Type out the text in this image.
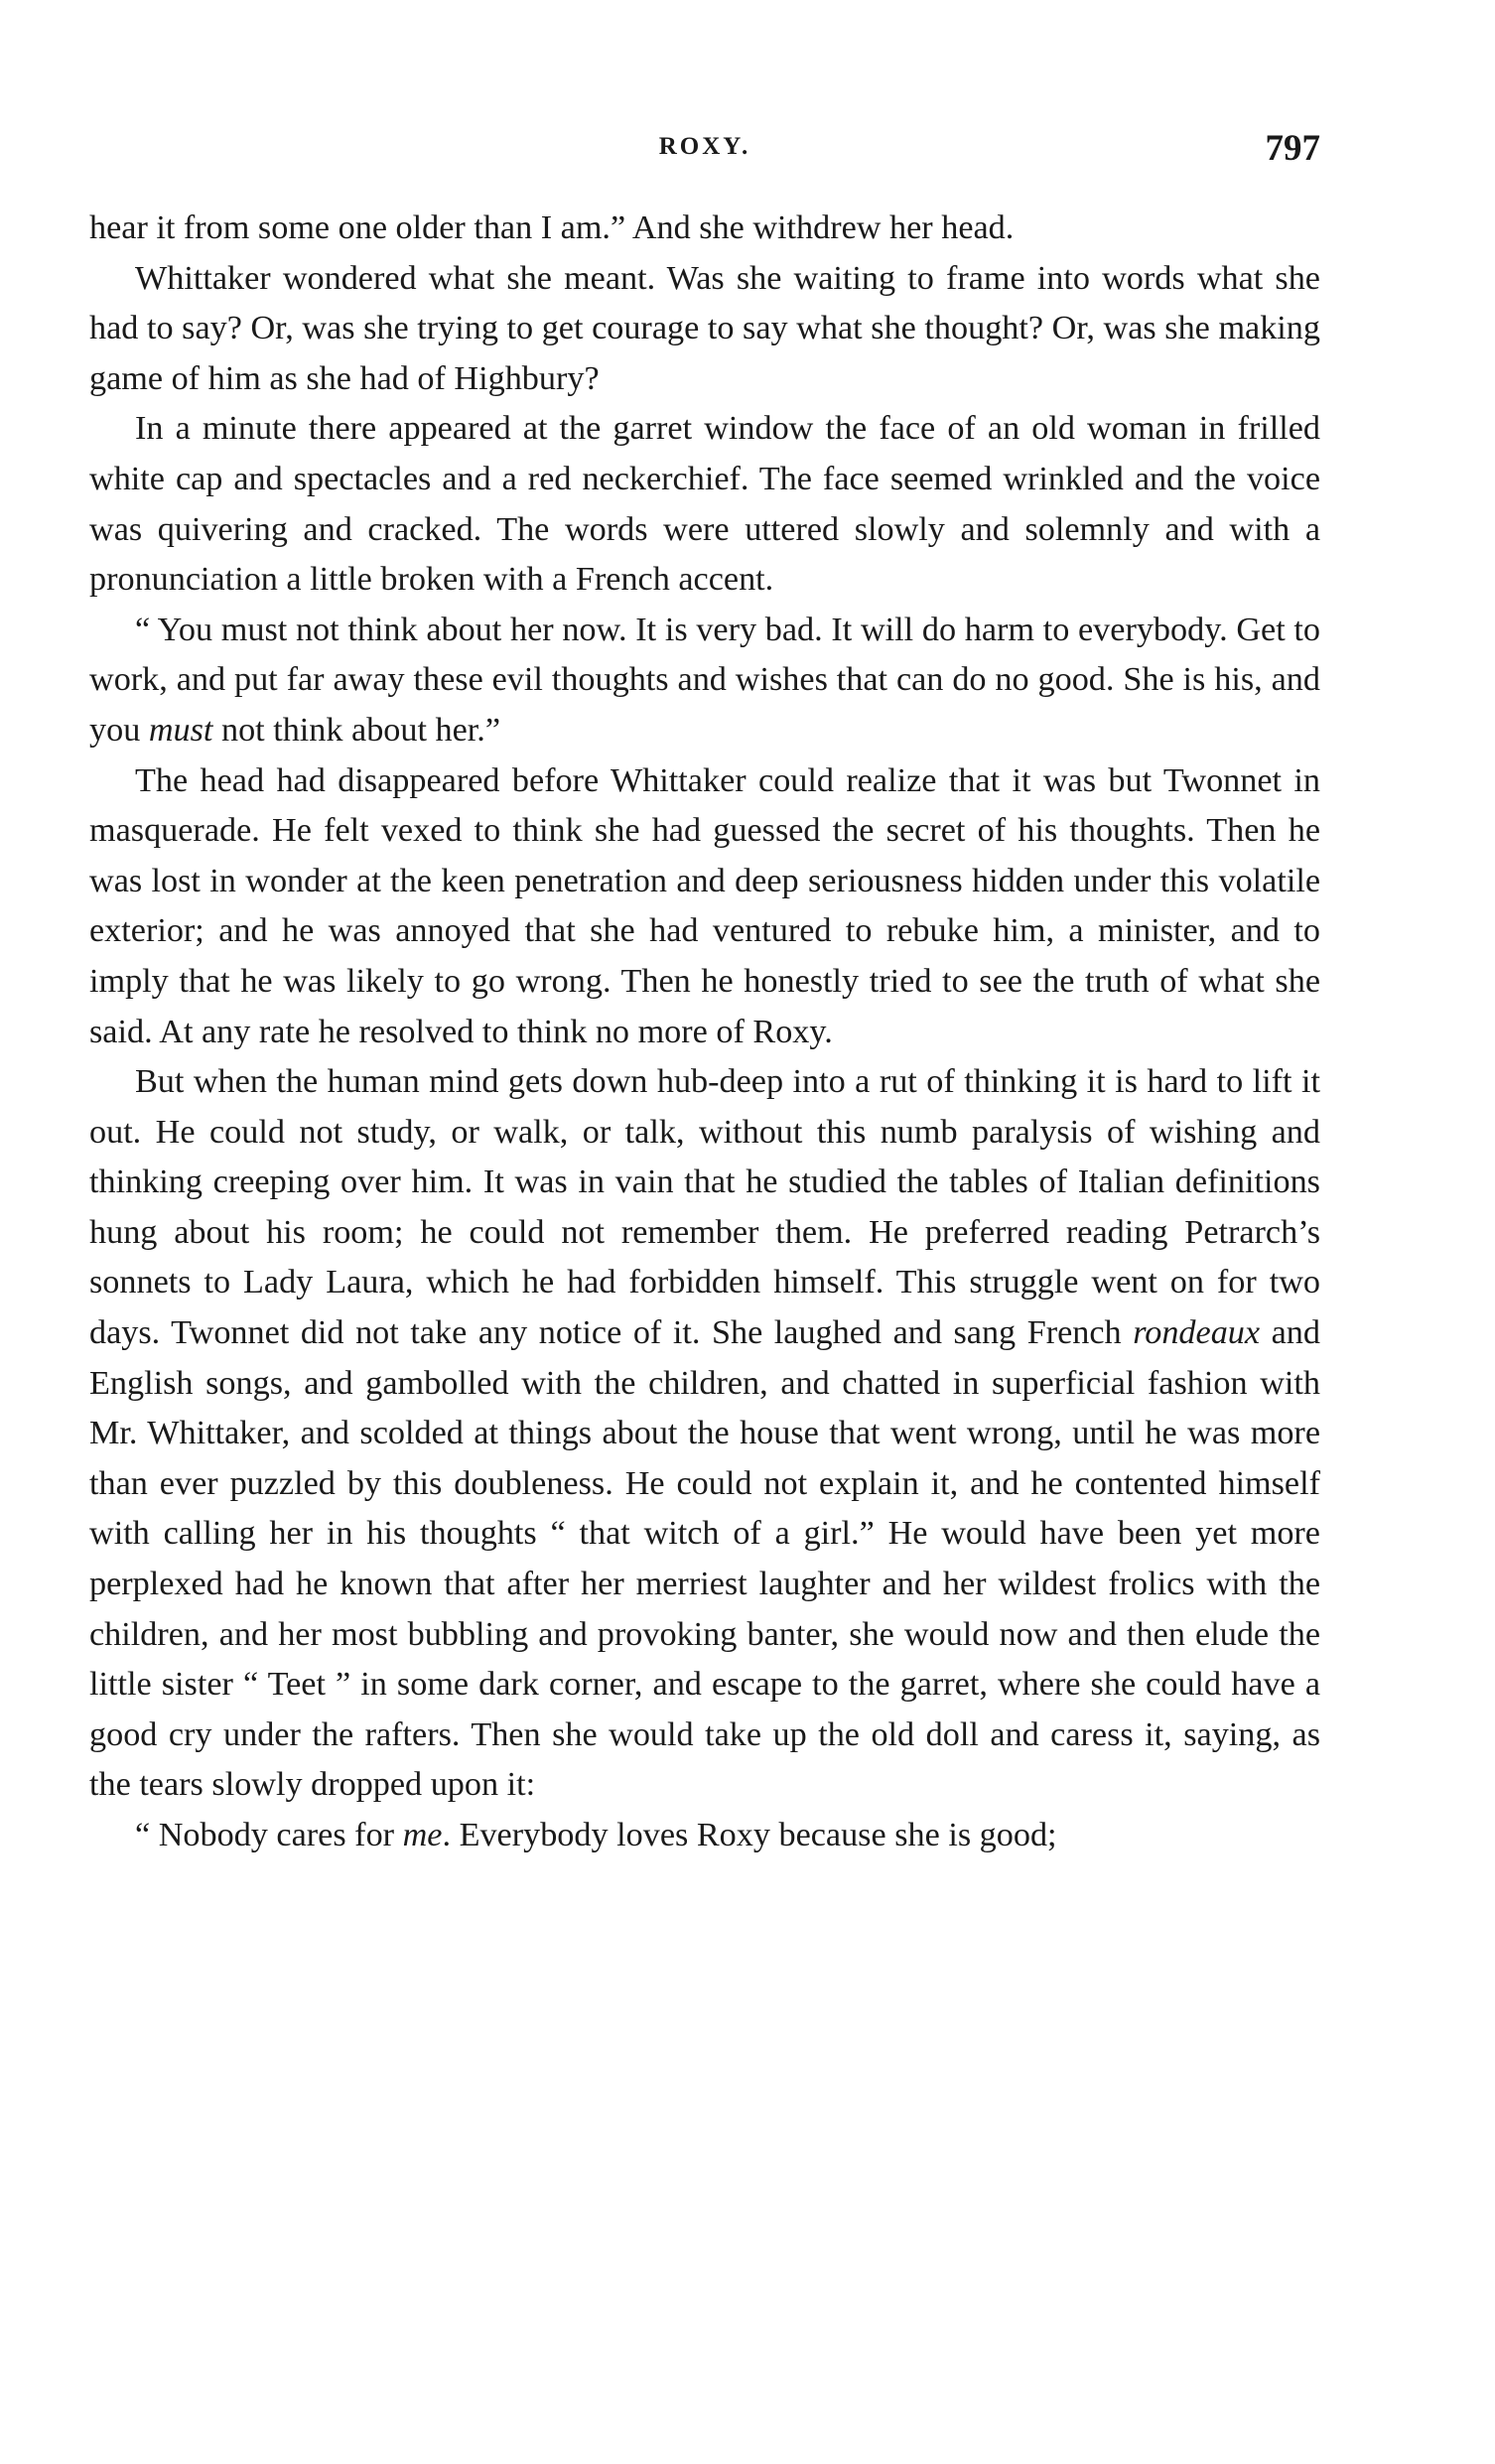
ROXY.	797

hear it from some one older than I am.” And she withdrew her head.

Whittaker wondered what she meant. Was she waiting to frame into words what she had to say? Or, was she trying to get courage to say what she thought? Or, was she making game of him as she had of Highbury?

In a minute there appeared at the garret window the face of an old woman in frilled white cap and spectacles and a red neckerchief. The face seemed wrinkled and the voice was quivering and cracked. The words were uttered slowly and solemnly and with a pronunciation a little broken with a French accent.

“ You must not think about her now. It is very bad. It will do harm to everybody. Get to work, and put far away these evil thoughts and wishes that can do no good. She is his, and you must not think about her.”

The head had disappeared before Whittaker could realize that it was but Twonnet in masquerade. He felt vexed to think she had guessed the secret of his thoughts. Then he was lost in wonder at the keen penetration and deep seriousness hidden under this volatile exterior; and he was annoyed that she had ventured to rebuke him, a minister, and to imply that he was likely to go wrong. Then he honestly tried to see the truth of what she said. At any rate he resolved to think no more of Roxy.

But when the human mind gets down hub-deep into a rut of thinking it is hard to lift it out. He could not study, or walk, or talk, without this numb paralysis of wishing and thinking creeping over him. It was in vain that he studied the tables of Italian definitions hung about his room; he could not remember them. He preferred reading Petrarch’s sonnets to Lady Laura, which he had forbidden himself. This struggle went on for two days. Twonnet did not take any notice of it. She laughed and sang French rondeaux and English songs, and gambolled with the children, and chatted in superficial fashion with Mr. Whittaker, and scolded at things about the house that went wrong, until he was more than ever puzzled by this doubleness. He could not explain it, and he contented himself with calling her in his thoughts “ that witch of a girl.” He would have been yet more perplexed had he known that after her merriest laughter and her wildest frolics with the children, and her most bubbling and provoking banter, she would now and then elude the little sister “ Teet ” in some dark corner, and escape to the garret, where she could have a good cry under the rafters. Then she would take up the old doll and caress it, saying, as the tears slowly dropped upon it:

“ Nobody cares for me. Everybody loves Roxy because she is good;
